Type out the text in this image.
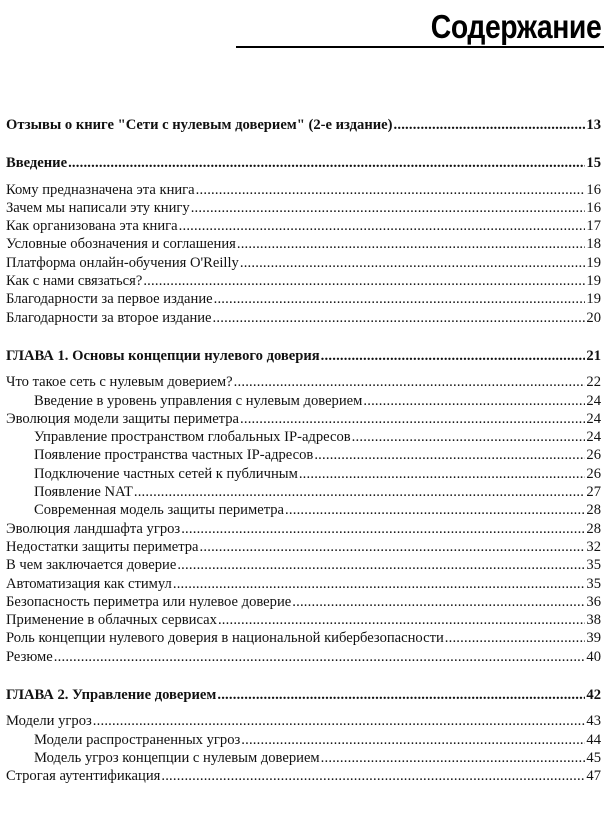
Содержание
Отзывы о книге "Сети с нулевым доверием" (2-е издание) .....	13
Введение .....	15
Кому предназначена эта книга .....	16
Зачем мы написали эту книгу .....	16
Как организована эта книга .....	17
Условные обозначения и соглашения .....	18
Платформа онлайн-обучения O'Reilly .....	19
Как с нами связаться? .....	19
Благодарности за первое издание .....	19
Благодарности за второе издание .....	20
ГЛАВА 1. Основы концепции нулевого доверия .....	21
Что такое сеть с нулевым доверием? .....	22
Введение в уровень управления с нулевым доверием .....	24
Эволюция модели защиты периметра .....	24
Управление пространством глобальных IP-адресов .....	24
Появление пространства частных IP-адресов .....	26
Подключение частных сетей к публичным .....	26
Появление NAT .....	27
Современная модель защиты периметра .....	28
Эволюция ландшафта угроз .....	28
Недостатки защиты периметра .....	32
В чем заключается доверие .....	35
Автоматизация как стимул .....	35
Безопасность периметра или нулевое доверие .....	36
Применение в облачных сервисах .....	38
Роль концепции нулевого доверия в национальной кибербезопасности .....	39
Резюме .....	40
ГЛАВА 2. Управление доверием .....	42
Модели угроз .....	43
Модели распространенных угроз .....	44
Модель угроз концепции с нулевым доверием .....	45
Строгая аутентификация .....	47
